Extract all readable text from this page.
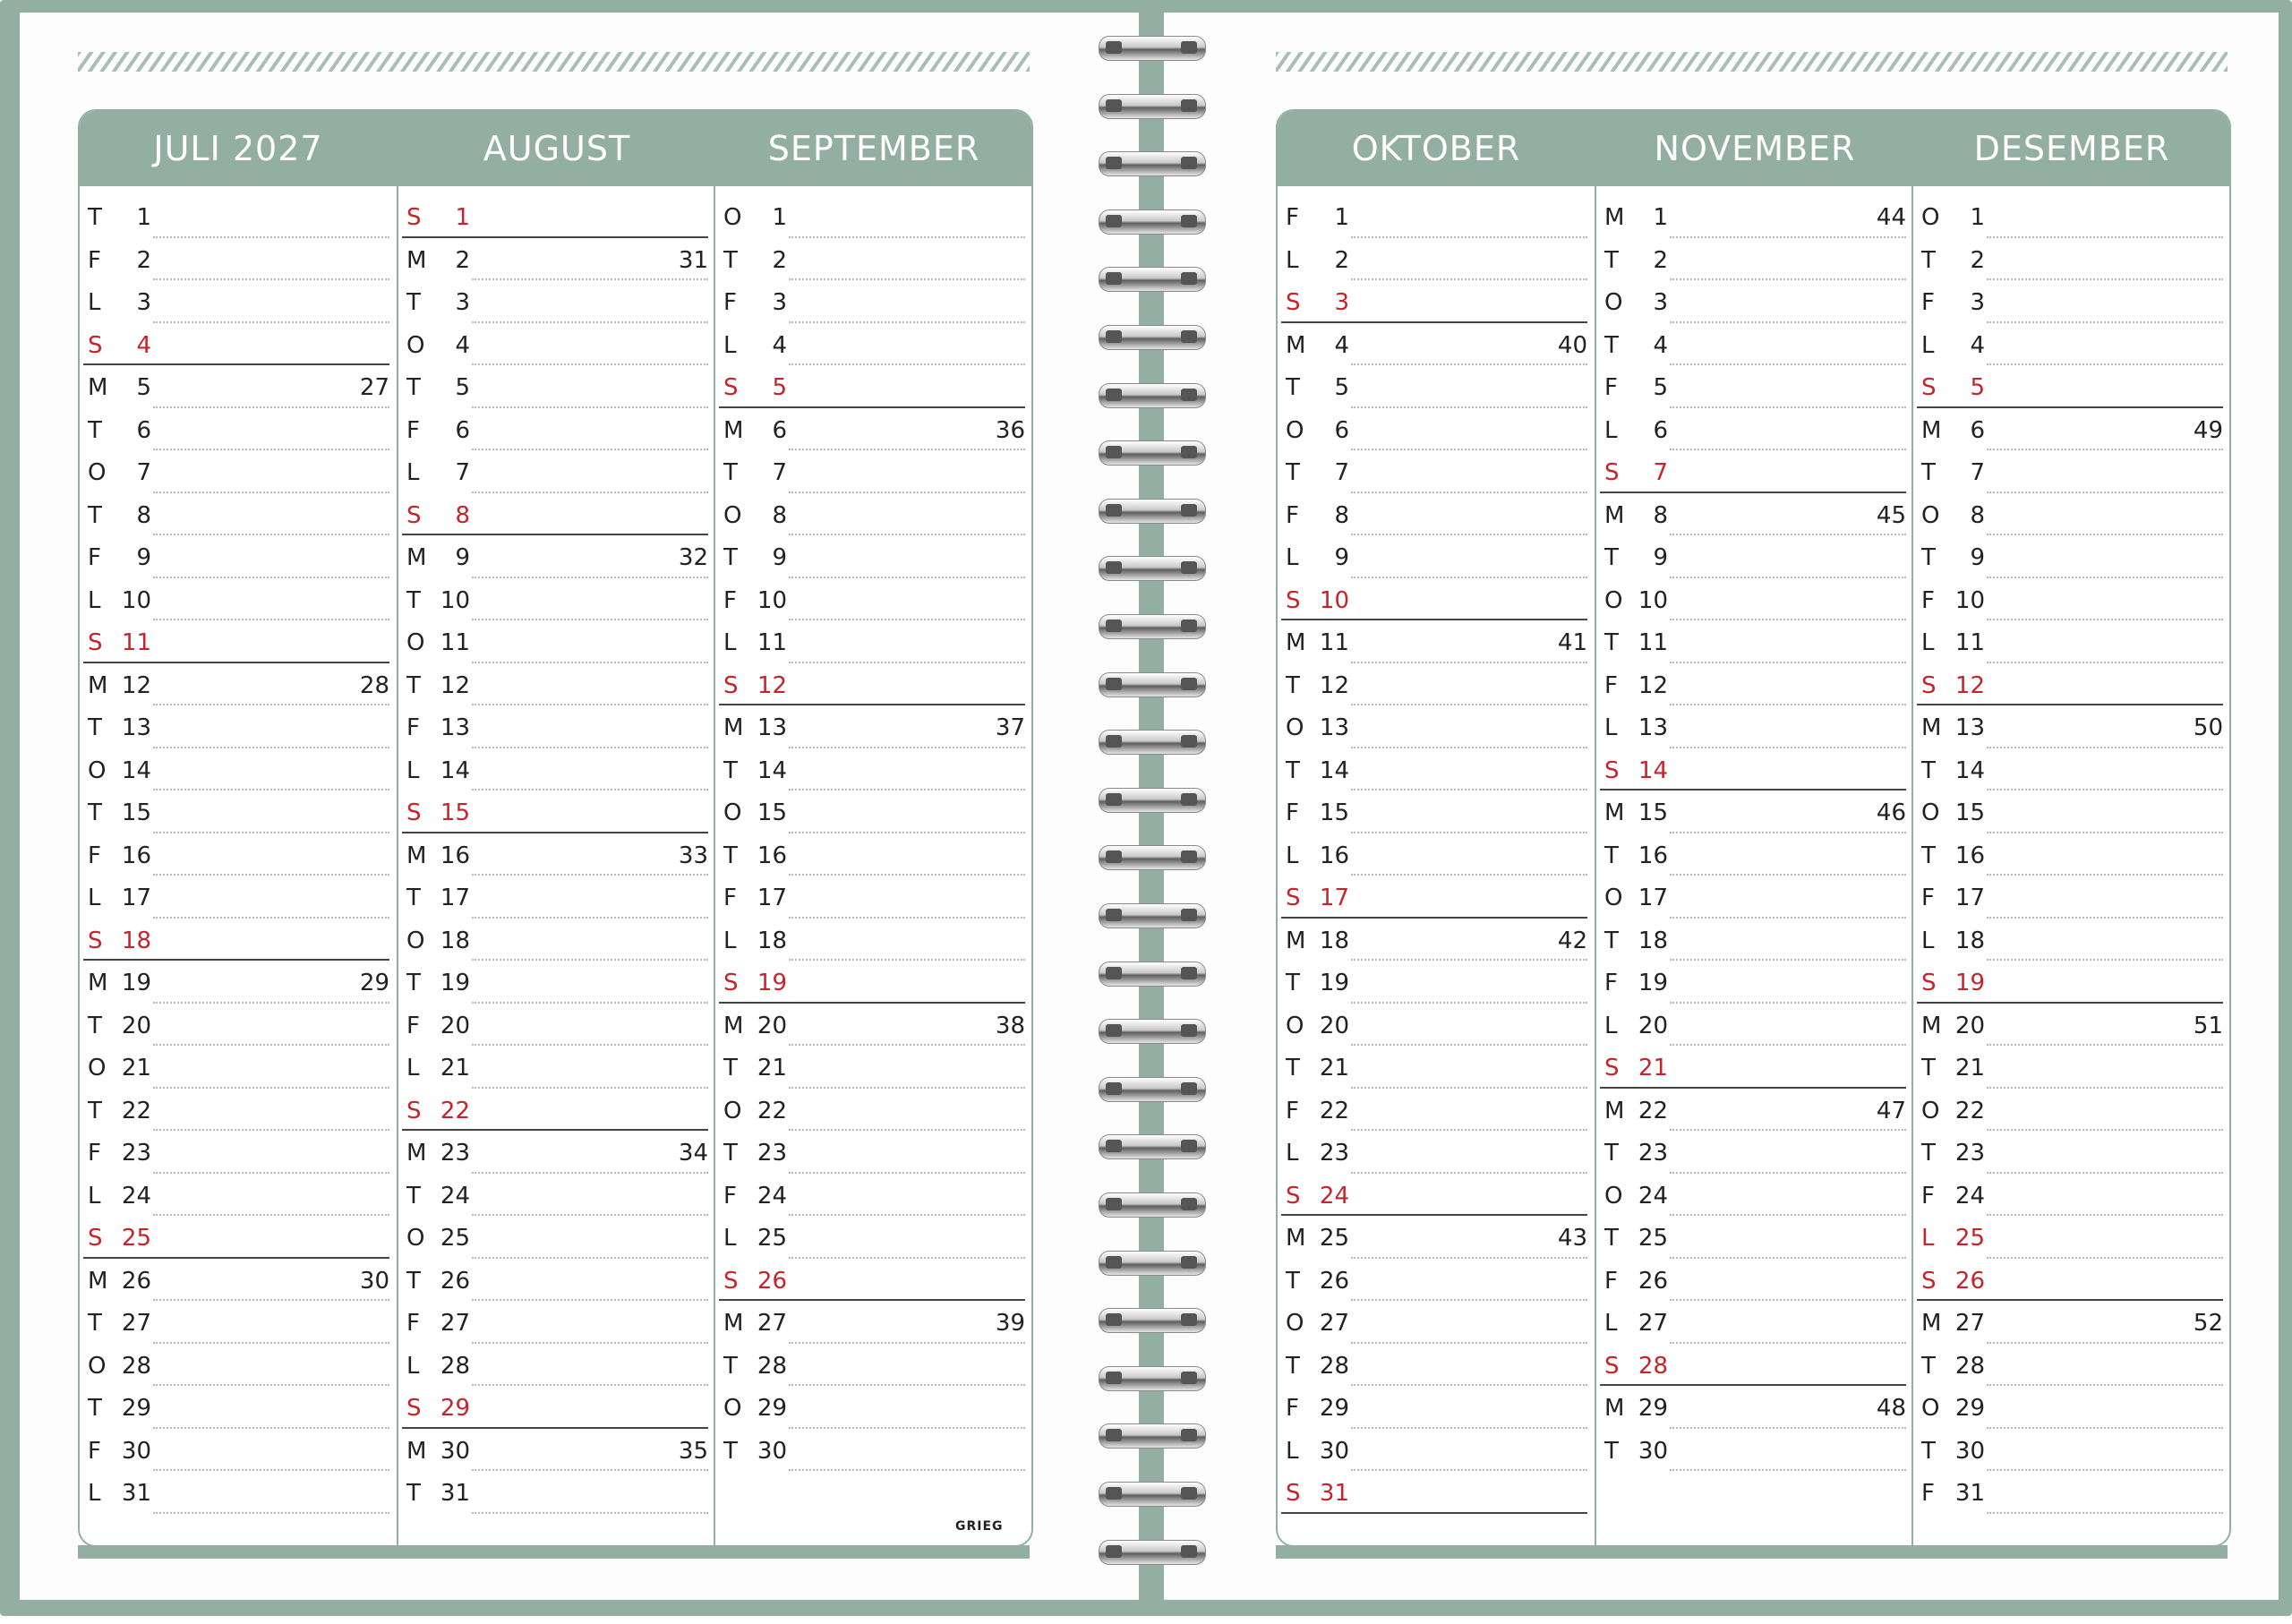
JULI 2027
T	1
F	2
L	3
S	4
M	5	27
T	6
O	7
T	8
F	9
L 10
S 11
M 12	28
T 13
O 14
T 15
F 16
L 17
S 18
M 19	29
T 20
O 21
T 22
F 23
L 24
S 25
M 26	30
T 27
O 28
T 29
F 30
L 31
AUGUST
S	1
M	2	31
T	3
O	4
T	5
F	6
L	7
S	8
M	9	32
T 10
O 11
T 12
F 13
L 14
S 15
M 16	33
T 17
O 18
T 19
F 20
L 21
S 22
M 23	34
T 24
O 25
T 26
F 27
L 28
S 29
M 30	35
T 31
SEPTEMBER
O	1
T	2
F	3
L	4
S	5
M	6	36
T	7
O	8
T	9
F 10
L 11
S 12
M 13	37
T 14
O 15
T 16
F 17
L 18
S 19
M 20	38
T 21
O 22
T 23
F 24
L 25
S 26
M 27	39
T 28
O 29
T 30
GRIEG
OKTOBER
F	1
L	2
S	3
M	4	40
T	5
O	6
T	7
F	8
L	9
S 10
M 11	41
T 12
O 13
T 14
F 15
L 16
S 17
M 18	42
T 19
O 20
T 21
F 22
L 23
S 24
M 25	43
T 26
O 27
T 28
F 29
L 30
S 31
NOVEMBER
M	1	44
T	2
O	3
T	4
F	5
L	6
S	7
M	8	45
T	9
O 10
T 11
F 12
L 13
S 14
M 15	46
T 16
O 17
T 18
F 19
L 20
S 21
M 22	47
T 23
O 24
T 25
F 26
L 27
S 28
M 29	48
T 30
DESEMBER
O	1
T	2
F	3
L	4
S	5
M	6	49
T	7
O	8
T	9
F 10
L 11
S 12
M 13	50
T 14
O 15
T 16
F 17
L 18
S 19
M 20	51
T 21
O 22
T 23
F 24
L 25
S 26
M 27	52
T 28
O 29
T 30
F 31
